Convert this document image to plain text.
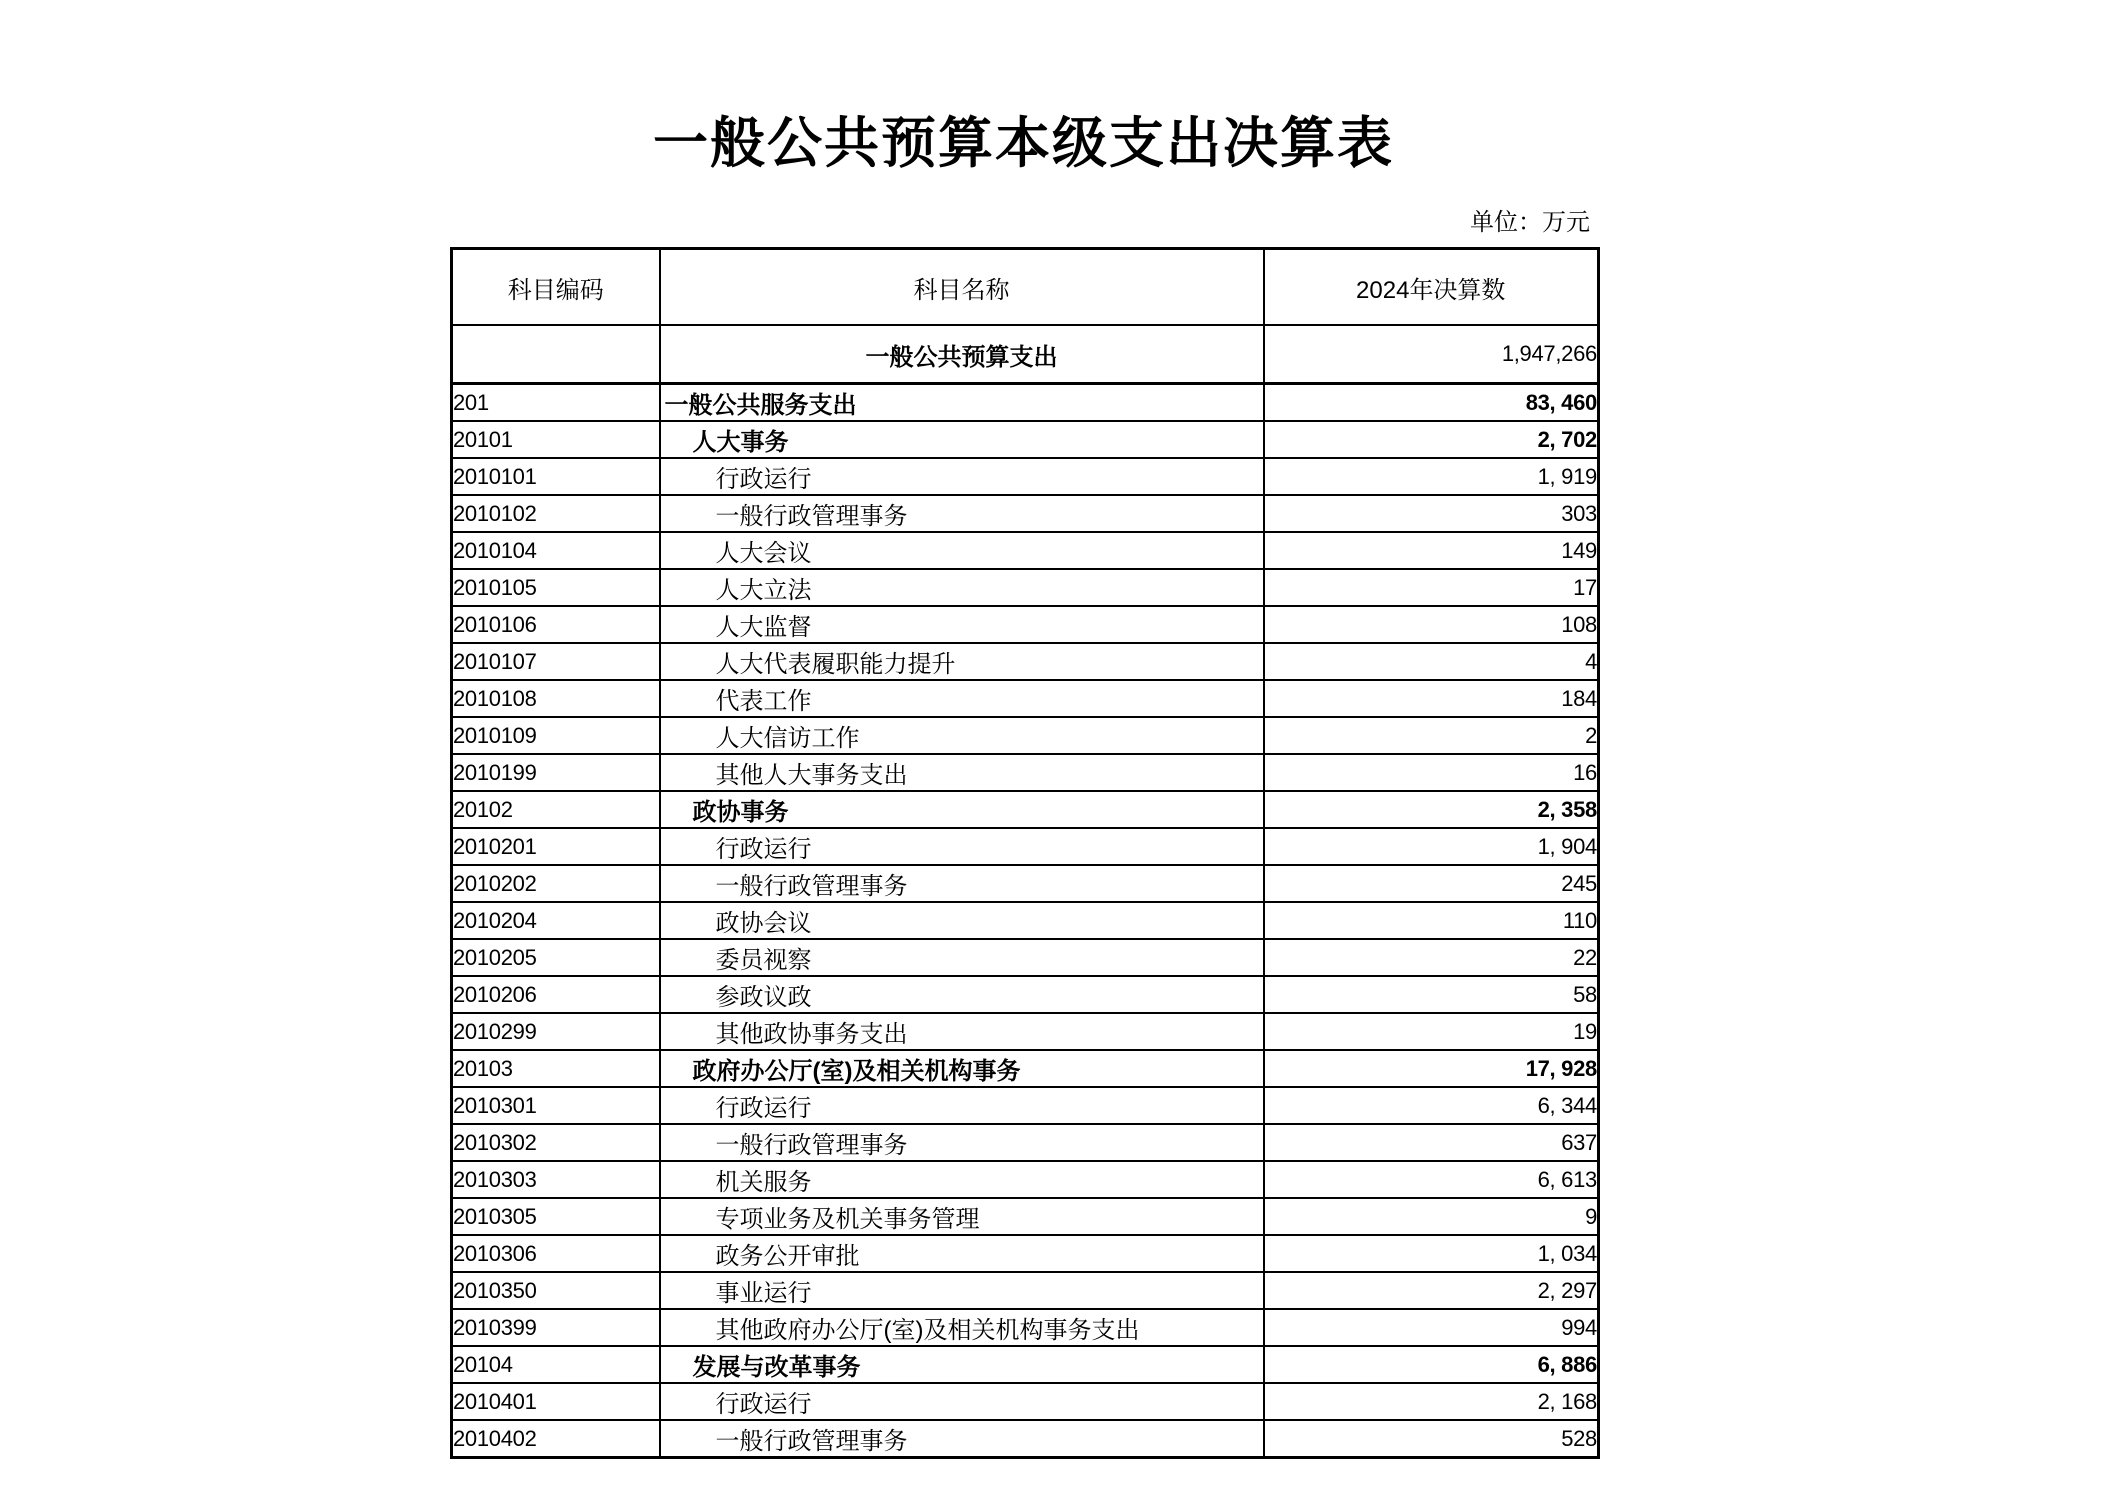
一般公共预算本级支出决算表
单位：万元
科目编码	科目名称	2024年决算数
	一般公共预算支出	1,947,266
201	一般公共服务支出	83, 460
20101	人大事务	2, 702
2010101	行政运行	1, 919
2010102	一般行政管理事务	303
2010104	人大会议	149
2010105	人大立法	17
2010106	人大监督	108
2010107	人大代表履职能力提升	4
2010108	代表工作	184
2010109	人大信访工作	2
2010199	其他人大事务支出	16
20102	政协事务	2, 358
2010201	行政运行	1, 904
2010202	一般行政管理事务	245
2010204	政协会议	110
2010205	委员视察	22
2010206	参政议政	58
2010299	其他政协事务支出	19
20103	政府办公厅(室)及相关机构事务	17, 928
2010301	行政运行	6, 344
2010302	一般行政管理事务	637
2010303	机关服务	6, 613
2010305	专项业务及机关事务管理	9
2010306	政务公开审批	1, 034
2010350	事业运行	2, 297
2010399	其他政府办公厅(室)及相关机构事务支出	994
20104	发展与改革事务	6, 886
2010401	行政运行	2, 168
2010402	一般行政管理事务	528
